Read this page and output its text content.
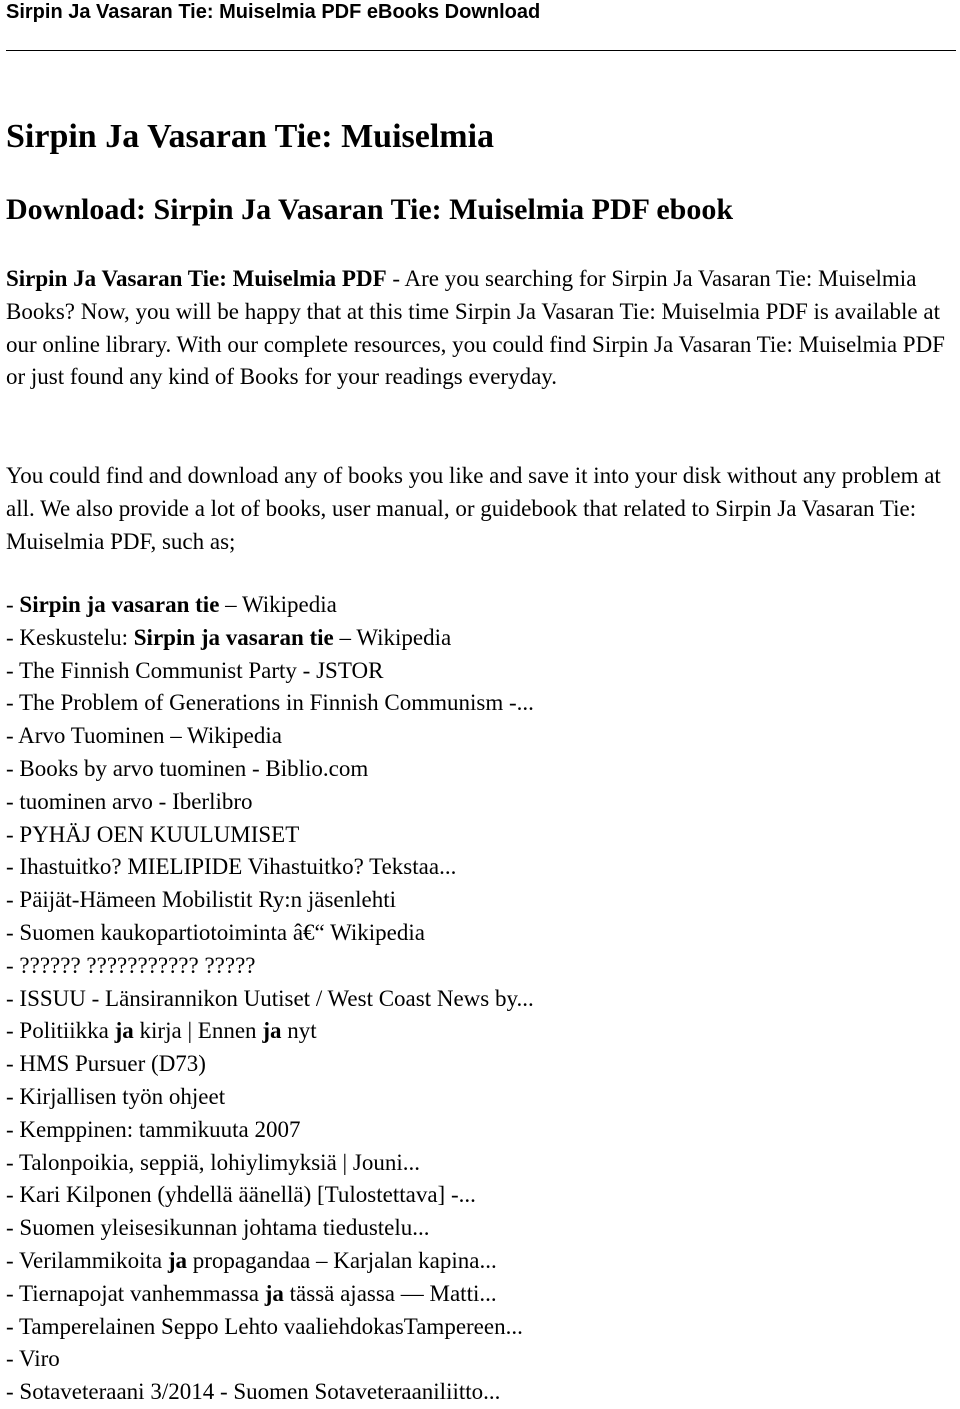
Sirpin Ja Vasaran Tie: Muiselmia PDF eBooks Download
Sirpin Ja Vasaran Tie: Muiselmia
Download: Sirpin Ja Vasaran Tie: Muiselmia PDF ebook

Sirpin Ja Vasaran Tie: Muiselmia PDF - Are you searching for Sirpin Ja Vasaran Tie: Muiselmia Books? Now, you will be happy that at this time Sirpin Ja Vasaran Tie: Muiselmia PDF is available at our online library. With our complete resources, you could find Sirpin Ja Vasaran Tie: Muiselmia PDF or just found any kind of Books for your readings everyday.

You could find and download any of books you like and save it into your disk without any problem at all. We also provide a lot of books, user manual, or guidebook that related to Sirpin Ja Vasaran Tie: Muiselmia PDF, such as;

- Sirpin ja vasaran tie – Wikipedia
- Keskustelu: Sirpin ja vasaran tie – Wikipedia
- The Finnish Communist Party - JSTOR
- The Problem of Generations in Finnish Communism -...
- Arvo Tuominen – Wikipedia
- Books by arvo tuominen - Biblio.com
- tuominen arvo - Iberlibro
- PYHÄJ OEN KUULUMISET
- Ihastuitko? MIELIPIDE Vihastuitko? Tekstaa...
- Päijät-Hämeen Mobilistit Ry:n jäsenlehti
- Suomen kaukopartiotoiminta â€“ Wikipedia
- ?????? ??????????? ?????
- ISSUU - Länsirannikon Uutiset / West Coast News by...
- Politiikka ja kirja | Ennen ja nyt
- HMS Pursuer (D73)
- Kirjallisen työn ohjeet
- Kemppinen: tammikuuta 2007
- Talonpoikia, seppiä, lohiylimyksiä | Jouni...
- Kari Kilponen (yhdellä äänellä) [Tulostettava] -...
- Suomen yleisesikunnan johtama tiedustelu...
- Verilammikoita ja propagandaa – Karjalan kapina...
- Tiernapojat vanhemmassa ja tässä ajassa — Matti...
- Tamperelainen Seppo Lehto vaaliehdokasTampereen...
- Viro
- Sotaveteraani 3/2014 - Suomen Sotaveteraaniliitto...
